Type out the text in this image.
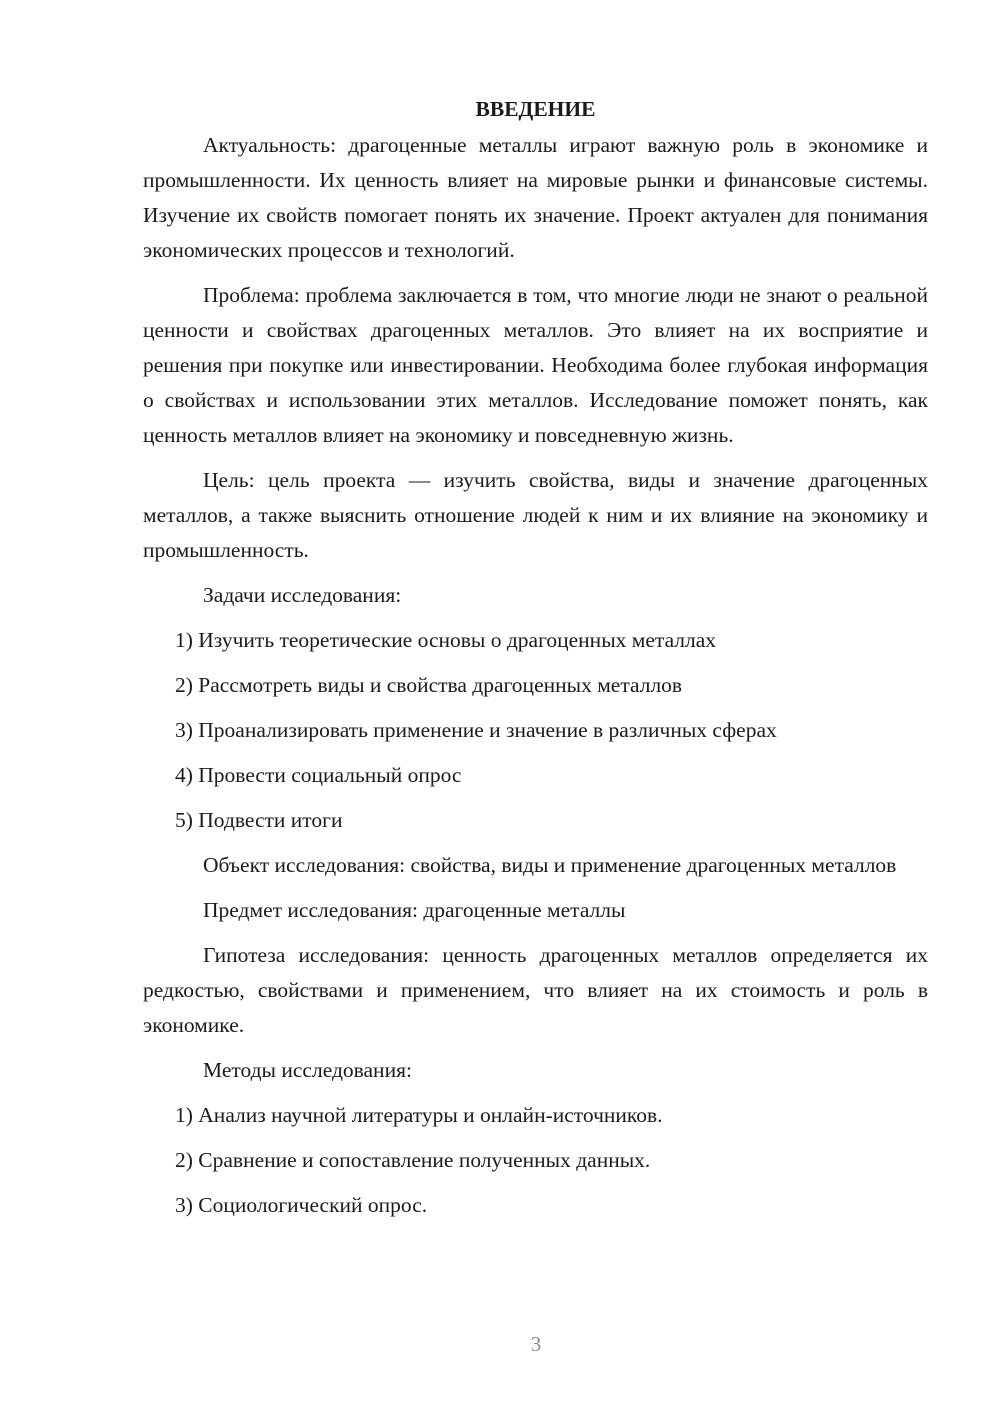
ВВЕДЕНИЕ

Актуальность: драгоценные металлы играют важную роль в экономике и промышленности. Их ценность влияет на мировые рынки и финансовые системы. Изучение их свойств помогает понять их значение. Проект актуален для понимания экономических процессов и технологий.

Проблема: проблема заключается в том, что многие люди не знают о реальной ценности и свойствах драгоценных металлов. Это влияет на их восприятие и решения при покупке или инвестировании. Необходима более глубокая информация о свойствах и использовании этих металлов. Исследование поможет понять, как ценность металлов влияет на экономику и повседневную жизнь.

Цель: цель проекта — изучить свойства, виды и значение драгоценных металлов, а также выяснить отношение людей к ним и их влияние на экономику и промышленность.

Задачи исследования:

1) Изучить теоретические основы о драгоценных металлах
2) Рассмотреть виды и свойства драгоценных металлов
3) Проанализировать применение и значение в различных сферах
4) Провести социальный опрос
5) Подвести итоги

Объект исследования: свойства, виды и применение драгоценных металлов

Предмет исследования: драгоценные металлы

Гипотеза исследования: ценность драгоценных металлов определяется их редкостью, свойствами и применением, что влияет на их стоимость и роль в экономике.

Методы исследования:

1) Анализ научной литературы и онлайн-источников.
2) Сравнение и сопоставление полученных данных.
3) Социологический опрос.
3
